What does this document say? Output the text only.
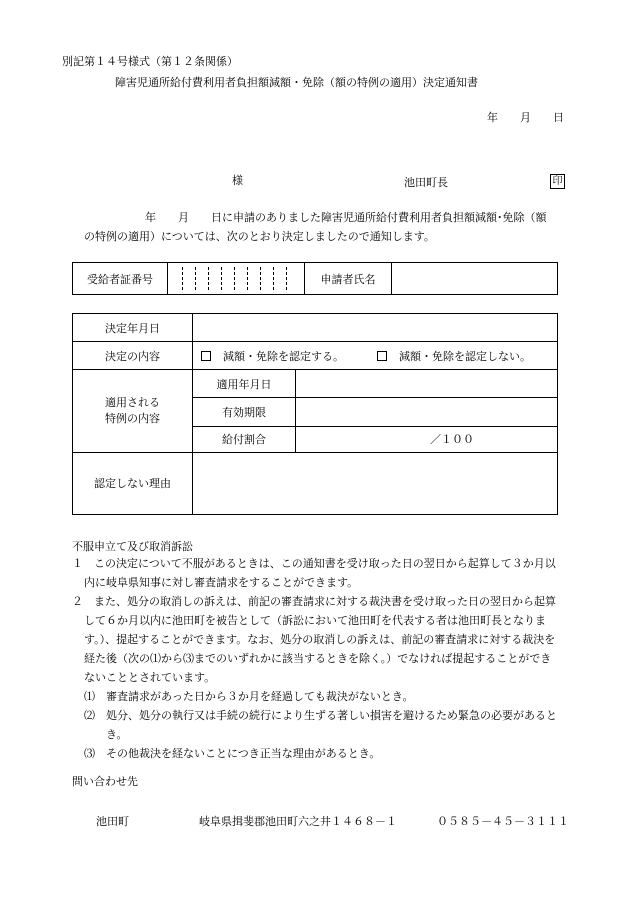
別記第１４号様式（第１２条関係）
障害児通所給付費利用者負担額減額・免除（額の特例の適用）決定通知書
年　　月　　日
様	池田町長	印
年　　月　　日に申請のありました障害児通所給付費利用者負担額減額･免除（額
の特例の適用）については、次のとおり決定しましたので通知します。
受給者証番号		申請者氏名	
決定年月日		
決定の内容	減額・免除を認定する。 減額・免除を認定しない。	

適用される
特例の内容	適用年月日	
	有効期限	
	給付割合	／１００
認定しない理由		
不服申立て及び取消訴訟

１ この決定について不服があるときは、この通知書を受け取った日の翌日から起算して３か月以

内に岐阜県知事に対し審査請求をすることができます。

２ また、処分の取消しの訴えは、前記の審査請求に対する裁決書を受け取った日の翌日から起算

して６か月以内に池田町を被告として（訴訟において池田町を代表する者は池田町長となりま

す。）、提起することができます。なお、処分の取消しの訴えは、前記の審査請求に対する裁決を

経た後（次の⑴から⑶までのいずれかに該当するときを除く。）でなければ提起することができ

ないこととされています。

⑴ 審査請求があった日から３か月を経過しても裁決がないとき。

⑵ 処分、処分の執行又は手続の続行により生ずる著しい損害を避けるため緊急の必要があると

き。

⑶ その他裁決を経ないことにつき正当な理由があるとき。

問い合わせ先
池田町	岐阜県揖斐郡池田町六之井１４６８－１	０５８５－４５－３１１１
